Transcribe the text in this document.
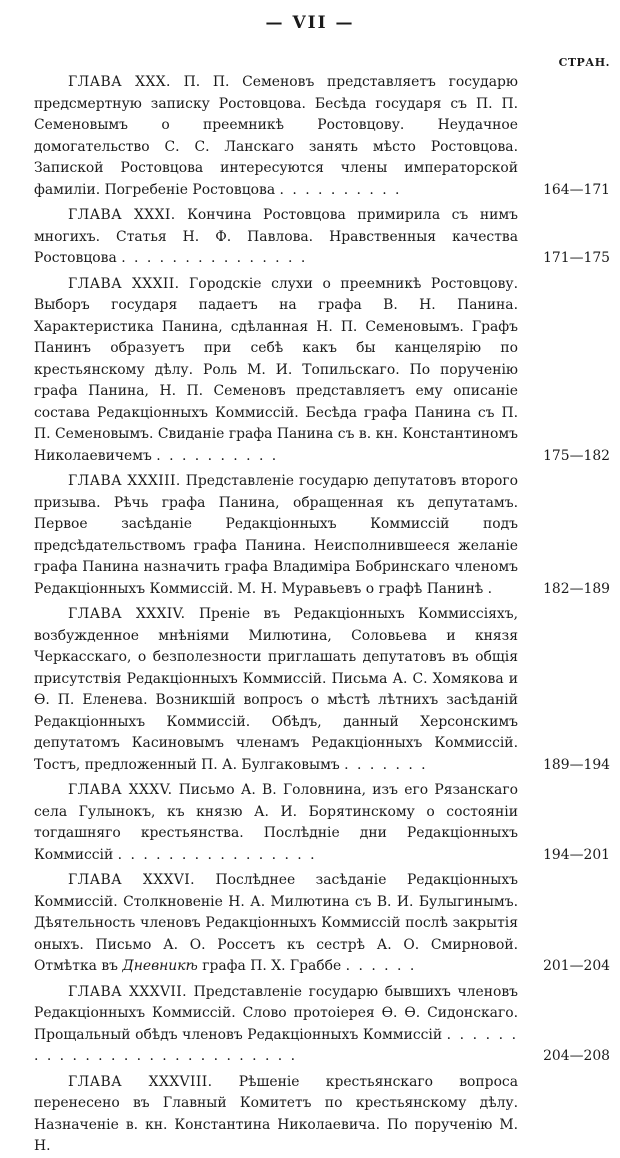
— VII —
СТРАН.
ГЛАВА XXX. П. П. Семеновъ представляетъ государю предсмертную записку Ростовцова. Бесѣда государя съ П. П. Семеновымъ о преемникѣ Ростовцову. Неудачное домогательство С. С. Ланскаго занять мѣсто Ростовцова. Запиской Ростовцова интересуются члены императорской фамиліи. Погребеніе Ростовцова . . . . . . . . . .	164—171
ГЛАВА XXXI. Кончина Ростовцова примирила съ нимъ многихъ. Статья Н. Ф. Павлова. Нравственныя качества Ростовцова . . . . . . . . . . . . . . .	171—175
ГЛАВА XXXII. Городскіе слухи о преемникѣ Ростовцову. Выборъ государя падаетъ на графа В. Н. Панина. Характеристика Панина, сдѣланная Н. П. Семеновымъ. Графъ Панинъ образуетъ при себѣ какъ бы канцелярію по крестьянскому дѣлу. Роль М. И. Топильскаго. По порученію графа Панина, Н. П. Семеновъ представляетъ ему описаніе состава Редакціонныхъ Коммиссій. Бесѣда графа Панина съ П. П. Семеновымъ. Свиданіе графа Панина съ в. кн. Константиномъ Николаевичемъ . . . . . . . . . .	175—182
ГЛАВА XXXIII. Представленіе государю депутатовъ второго призыва. Рѣчь графа Панина, обращенная къ депутатамъ. Первое засѣданіе Редакціонныхъ Коммиссій подъ предсѣдательствомъ графа Панина. Неисполнившееся желаніе графа Панина назначить графа Владиміра Бобринскаго членомъ Редакціонныхъ Коммиссій. М. Н. Муравьевъ о графѣ Панинѣ .	182—189
ГЛАВА XXXIV. Преніе въ Редакціонныхъ Коммиссіяхъ, возбужденное мнѣніями Милютина, Соловьева и князя Черкасскаго, о безполезности приглашать депутатовъ въ общія присутствія Редакціонныхъ Коммиссій. Письма А. С. Хомякова и Ѳ. П. Еленева. Возникшій вопросъ о мѣстѣ лѣтнихъ засѣданій Редакціонныхъ Коммиссій. Обѣдъ, данный Херсонскимъ депутатомъ Касиновымъ членамъ Редакціонныхъ Коммиссій. Тостъ, предложенный П. А. Булгаковымъ . . . . . . .	189—194
ГЛАВА XXXV. Письмо А. В. Головнина, изъ его Рязанскаго села Гулынокъ, къ князю А. И. Борятинскому о состояніи тогдашняго крестьянства. Послѣдніе дни Редакціонныхъ Коммиссій . . . . . . . . . . . . . . . .	194—201
ГЛАВА XXXVI. Послѣднее засѣданіе Редакціонныхъ Коммиссій. Столкновеніе Н. А. Милютина съ В. И. Булыгинымъ. Дѣятельность членовъ Редакціонныхъ Коммиссій послѣ закрытія оныхъ. Письмо А. О. Россетъ къ сестрѣ А. О. Смирновой. Отмѣтка въ Дневникѣ графа П. Х. Граббе . . . . . .	201—204
ГЛАВА XXXVII. Представленіе государю бывшихъ членовъ Редакціонныхъ Коммиссій. Слово протоіерея Ѳ. Ѳ. Сидонскаго. Прощальный обѣдъ членовъ Редакціонныхъ Коммиссій . . . . . . . . . . . . . . . . . . . . . . . . . . .	204—208
ГЛАВА XXXVIII. Рѣшеніе крестьянскаго вопроса перенесено въ Главный Комитетъ по крестьянскому дѣлу. Назначеніе в. кн. Константина Николаевича. По порученію М. Н.
